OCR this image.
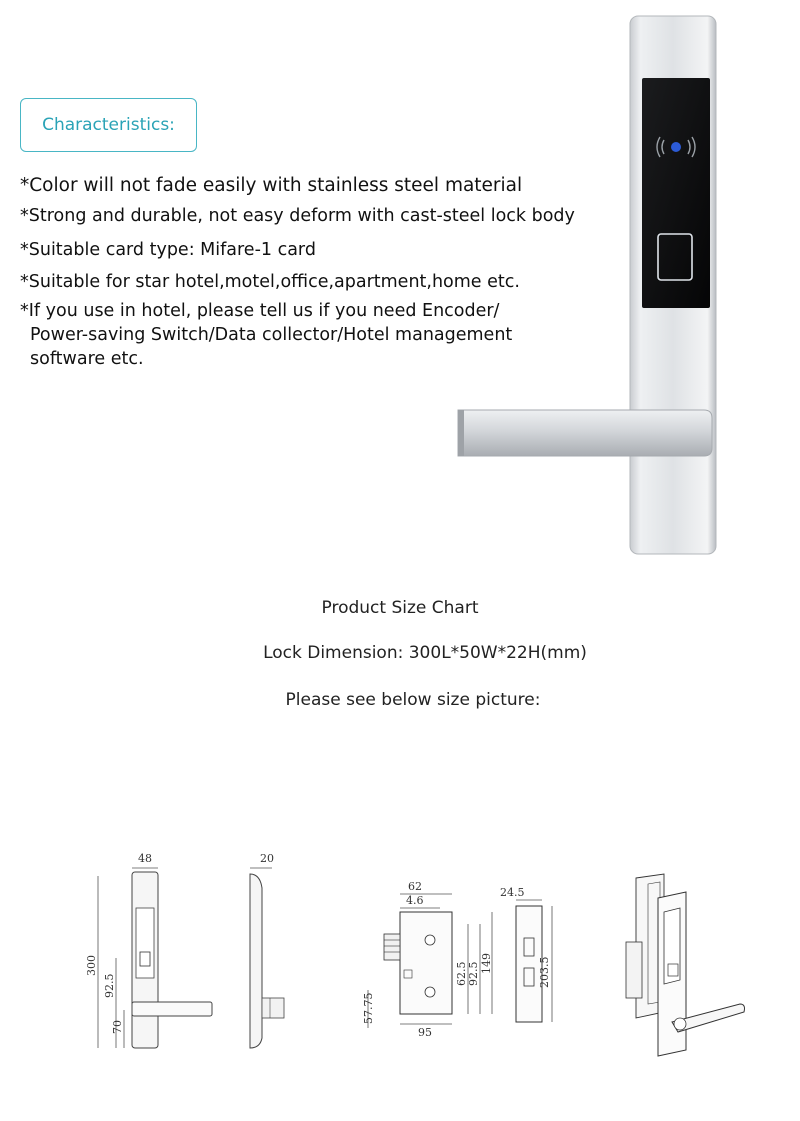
Characteristics:
*Color will not fade easily with stainless steel material
*Strong and durable, not easy deform with cast-steel lock body
*Suitable card type: Mifare-1 card
*Suitable for star hotel,motel,office,apartment,home etc.
*If you use in hotel, please tell us if you need Encoder/
Power-saving Switch/Data collector/Hotel management
software etc.
Product Size Chart
Lock Dimension: 300L*50W*22H(mm)
Please see below size picture:
48
300
92.5
70
20
62
4.6
62.5 92.5 149
57.75
95
24.5
203.5
